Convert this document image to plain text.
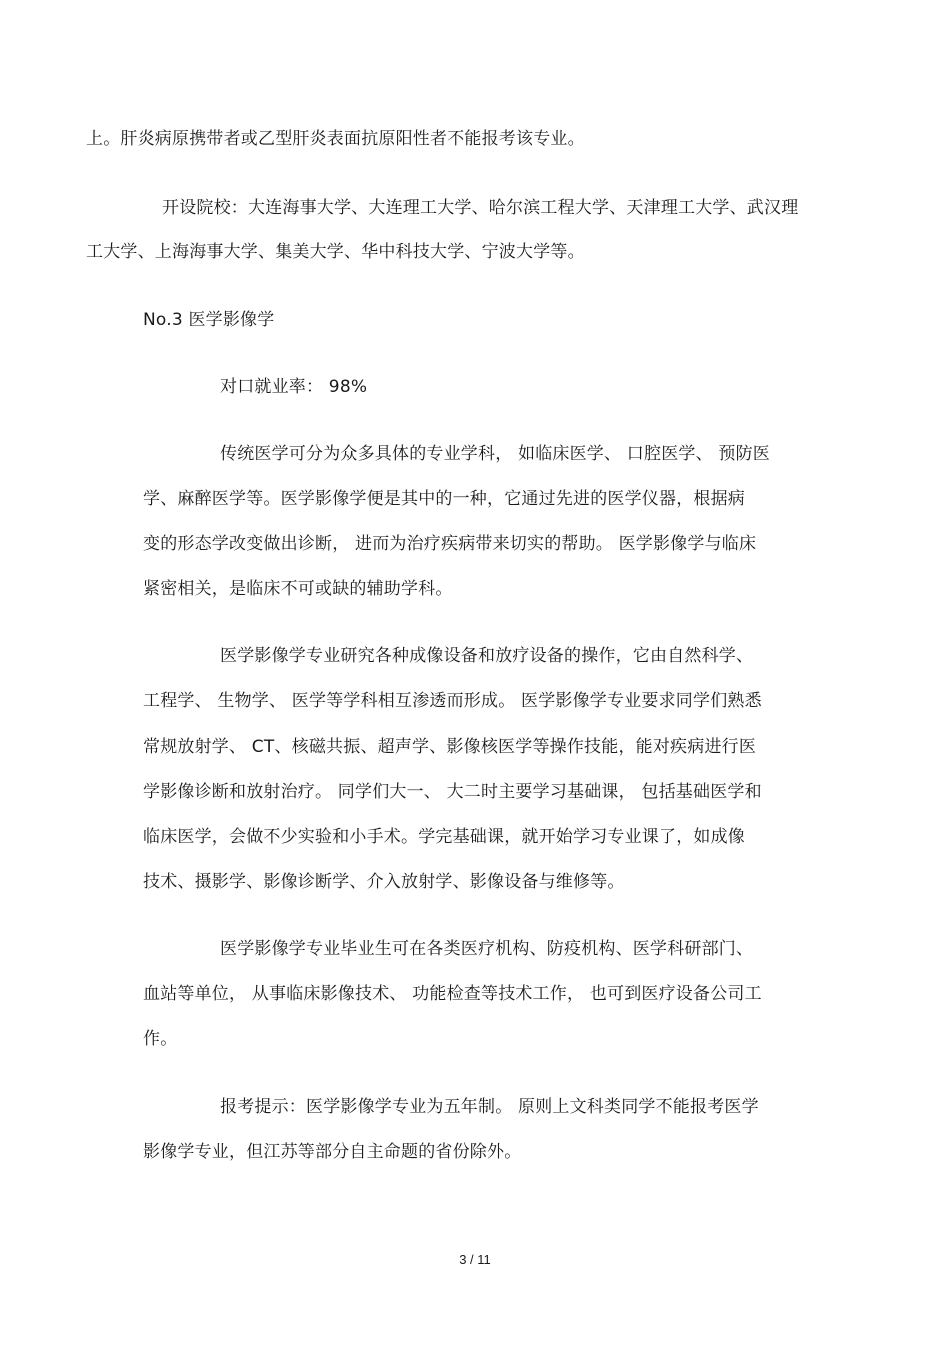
上。肝炎病原携带者或乙型肝炎表面抗原阳性者不能报考该专业。
开设院校：大连海事大学、大连理工大学、哈尔滨工程大学、天津理工大学、武汉理
工大学、上海海事大学、集美大学、华中科技大学、宁波大学等。
No.3 医学影像学
对口就业率： 98%
传统医学可分为众多具体的专业学科， 如临床医学、 口腔医学、 预防医
学、麻醉医学等。医学影像学便是其中的一种，它通过先进的医学仪器，根据病
变的形态学改变做出诊断， 进而为治疗疾病带来切实的帮助。 医学影像学与临床
紧密相关，是临床不可或缺的辅助学科。
医学影像学专业研究各种成像设备和放疗设备的操作，它由自然科学、
工程学、 生物学、 医学等学科相互渗透而形成。 医学影像学专业要求同学们熟悉
常规放射学、 CT、核磁共振、超声学、影像核医学等操作技能，能对疾病进行医
学影像诊断和放射治疗。 同学们大一、 大二时主要学习基础课， 包括基础医学和
临床医学，会做不少实验和小手术。学完基础课，就开始学习专业课了，如成像
技术、摄影学、影像诊断学、介入放射学、影像设备与维修等。
医学影像学专业毕业生可在各类医疗机构、防疫机构、医学科研部门、
血站等单位， 从事临床影像技术、 功能检查等技术工作， 也可到医疗设备公司工
作。
报考提示：医学影像学专业为五年制。 原则上文科类同学不能报考医学
影像学专业，但江苏等部分自主命题的省份除外。
3 / 11
